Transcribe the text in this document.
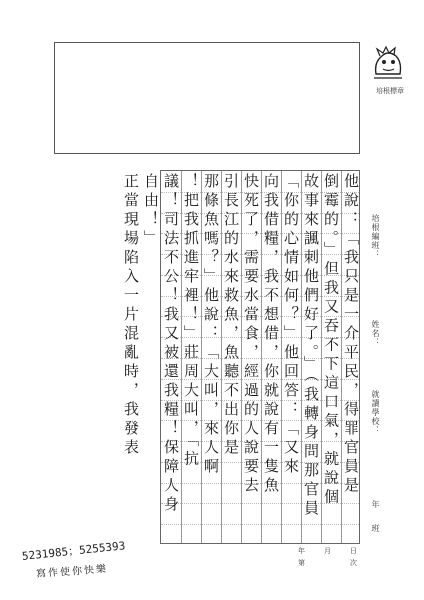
培根標章
他說：「我只是一介平民，得罪官員是
倒霉的。」但我又吞不下這口氣，就說個
故事來諷刺他們好了。」（我轉身問那官員
「你的心情如何？」他回答：「又來
向我借糧，我不想借，你就說有一隻魚
快死了，需要水當食，經過的人說要去
引長江的水來救魚，魚聽不出你是
那條魚嗎？」他說：「大叫，來人啊
！把我抓進牢裡！」莊周大叫，「抗
議！司法不公！我又被還我糧！保障人身
自由！」
正當現場陷入一片混亂時，我發表	培根編班：
姓名：
就讀學校：
年
班
年	月	日
第	次
5231985；5255393
寫作使你快樂
